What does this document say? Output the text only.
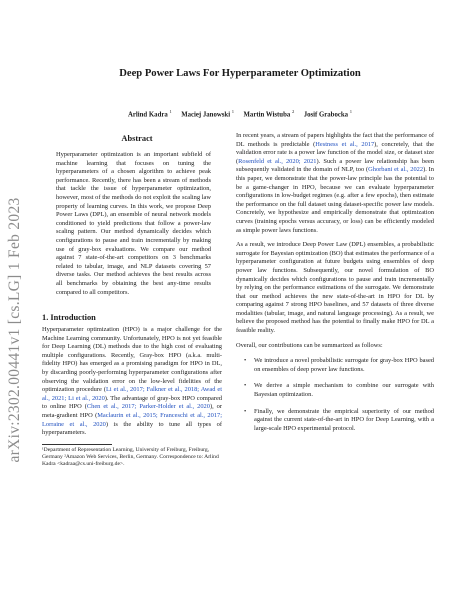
arXiv:2302.00441v1 [cs.LG] 1 Feb 2023
Deep Power Laws For Hyperparameter Optimization
Arlind Kadra $^1$ Maciej Janowski $^1$ Martin Wistuba $^2$ Josif Grabocka $^1$
Abstract

Hyperparameter optimization is an important subfield of machine learning that focuses on tuning the hyperparameters of a chosen algorithm to achieve peak performance. Recently, there has been a stream of methods that tackle the issue of hyperparameter optimization, however, most of the methods do not exploit the scaling law property of learning curves. In this work, we propose Deep Power Laws (DPL), an ensemble of neural network models conditioned to yield predictions that follow a power-law scaling pattern. Our method dynamically decides which configurations to pause and train incrementally by making use of gray-box evaluations. We compare our method against 7 state-of-the-art competitors on 3 benchmarks related to tabular, image, and NLP datasets covering 57 diverse tasks. Our method achieves the best results across all benchmarks by obtaining the best any-time results compared to all competitors.

1. Introduction

Hyperparameter optimization (HPO) is a major challenge for the Machine Learning community. Unfortunately, HPO is not yet feasible for Deep Learning (DL) methods due to the high cost of evaluating multiple configurations. Recently, Gray-box HPO (a.k.a. multi-fidelity HPO) has emerged as a promising paradigm for HPO in DL, by discarding poorly-performing hyperparameter configurations after observing the validation error on the low-level fidelities of the optimization procedure (Li et al., 2017; Falkner et al., 2018; Awad et al., 2021; Li et al., 2020). The advantage of gray-box HPO compared to online HPO (Chen et al., 2017; Parker-Holder et al., 2020), or meta-gradient HPO (Maclaurin et al., 2015; Franceschi et al., 2017; Lorraine et al., 2020) is the ability to tune all types of hyperparameters.

¹Department of Representation Learning, University of Freiburg, Freiburg, Germany ²Amazon Web Services, Berlin, Germany. Correspondence to: Arlind Kadra <kadraa@cs.uni-freiburg.de>.

In recent years, a stream of papers highlights the fact that the performance of DL methods is predictable (Hestness et al., 2017), concretely, that the validation error rate is a power law function of the model size, or dataset size (Rosenfeld et al., 2020; 2021). Such a power law relationship has been subsequently validated in the domain of NLP, too (Ghorbani et al., 2022). In this paper, we demonstrate that the power-law principle has the potential to be a game-changer in HPO, because we can evaluate hyperparameter configurations in low-budget regimes (e.g. after a few epochs), then estimate the performance on the full dataset using dataset-specific power law models. Concretely, we hypothesize and empirically demonstrate that optimization curves (training epochs versus accuracy, or loss) can be efficiently modeled as simple power laws functions.

As a result, we introduce Deep Power Law (DPL) ensembles, a probabilistic surrogate for Bayesian optimization (BO) that estimates the performance of a hyperparameter configuration at future budgets using ensembles of deep power law functions. Subsequently, our novel formulation of BO dynamically decides which configurations to pause and train incrementally by relying on the performance estimations of the surrogate. We demonstrate that our method achieves the new state-of-the-art in HPO for DL by comparing against 7 strong HPO baselines, and 57 datasets of three diverse modalities (tabular, image, and natural language processing). As a result, we believe the proposed method has the potential to finally make HPO for DL a feasible reality.

Overall, our contributions can be summarized as follows:

• We introduce a novel probabilistic surrogate for gray-box HPO based on ensembles of deep power law functions.
• We derive a simple mechanism to combine our surrogate with Bayesian optimization.
• Finally, we demonstrate the empirical superiority of our method against the current state-of-the-art in HPO for Deep Learning, with a large-scale HPO experimental protocol.
